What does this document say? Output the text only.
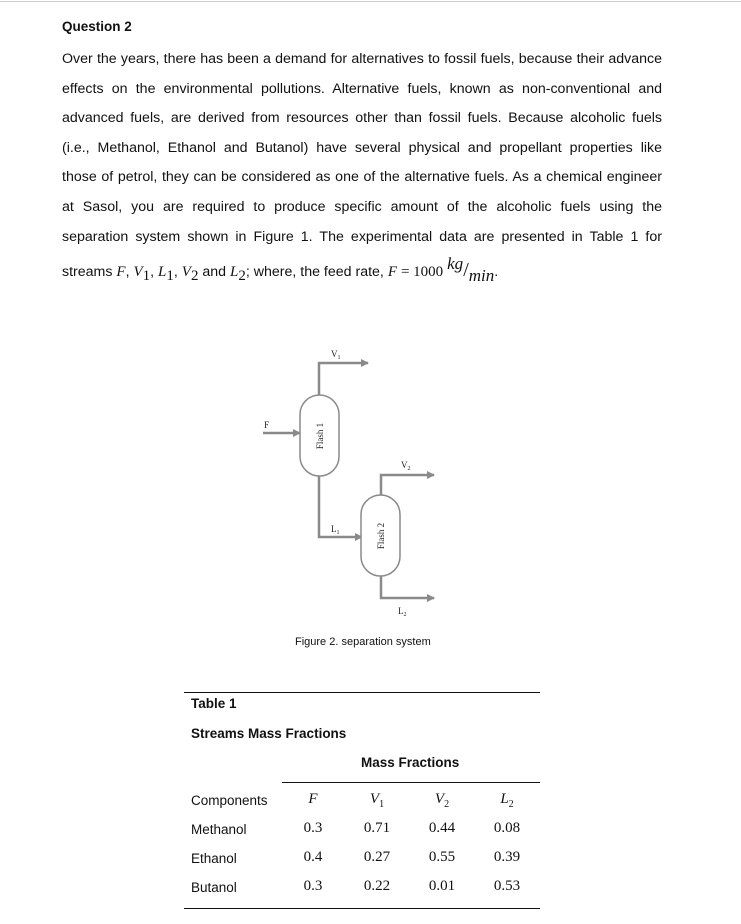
Question 2
Over the years, there has been a demand for alternatives to fossil fuels, because their advance
effects on the environmental pollutions. Alternative fuels, known as non-conventional and
advanced fuels, are derived from resources other than fossil fuels. Because alcoholic fuels
(i.e., Methanol, Ethanol and Butanol) have several physical and propellant properties like
those of petrol, they can be considered as one of the alternative fuels. As a chemical engineer
at Sasol, you are required to produce specific amount of the alcoholic fuels using the
separation system shown in Figure 1. The experimental data are presented in Table 1 for
streams F, $V_1$, $L_1$, $V_2$ and $L_2$; where, the feed rate, F = 1000 kg/min.
Flash 1
Flash 2
F
$V_1$
$L_1$
$V_2$
$L_2$
Figure 2. separation system
Table 1
Streams Mass Fractions
Mass Fractions
Components	F	$V_1$	$V_2$	$L_2$
Methanol	0.3	0.71	0.44	0.08
Ethanol	0.4	0.27	0.55	0.39
Butanol	0.3	0.22	0.01	0.53
